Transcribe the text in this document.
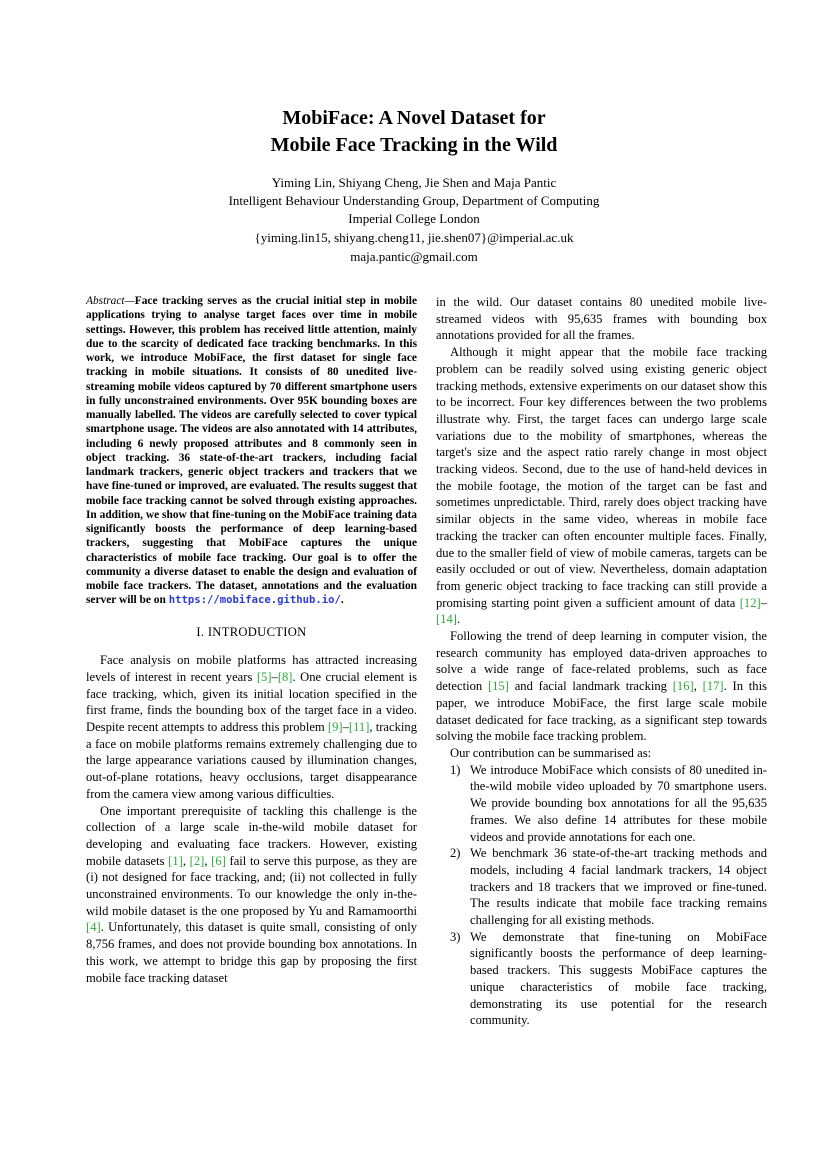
MobiFace: A Novel Dataset for
Mobile Face Tracking in the Wild
Yiming Lin, Shiyang Cheng, Jie Shen and Maja Pantic
Intelligent Behaviour Understanding Group, Department of Computing
Imperial College London
{yiming.lin15, shiyang.cheng11, jie.shen07}@imperial.ac.uk
maja.pantic@gmail.com
Abstract—Face tracking serves as the crucial initial step in mobile applications trying to analyse target faces over time in mobile settings. However, this problem has received little attention, mainly due to the scarcity of dedicated face tracking benchmarks. In this work, we introduce MobiFace, the first dataset for single face tracking in mobile situations. It consists of 80 unedited live-streaming mobile videos captured by 70 different smartphone users in fully unconstrained environments. Over 95K bounding boxes are manually labelled. The videos are carefully selected to cover typical smartphone usage. The videos are also annotated with 14 attributes, including 6 newly proposed attributes and 8 commonly seen in object tracking. 36 state-of-the-art trackers, including facial landmark trackers, generic object trackers and trackers that we have fine-tuned or improved, are evaluated. The results suggest that mobile face tracking cannot be solved through existing approaches. In addition, we show that fine-tuning on the MobiFace training data significantly boosts the performance of deep learning-based trackers, suggesting that MobiFace captures the unique characteristics of mobile face tracking. Our goal is to offer the community a diverse dataset to enable the design and evaluation of mobile face trackers. The dataset, annotations and the evaluation server will be on https://mobiface.github.io/.
I. INTRODUCTION

Face analysis on mobile platforms has attracted increasing levels of interest in recent years [5]–[8]. One crucial element is face tracking, which, given its initial location specified in the first frame, finds the bounding box of the target face in a video. Despite recent attempts to address this problem [9]–[11], tracking a face on mobile platforms remains extremely challenging due to the large appearance variations caused by illumination changes, out-of-plane rotations, heavy occlusions, target disappearance from the camera view among various difficulties.

One important prerequisite of tackling this challenge is the collection of a large scale in-the-wild mobile dataset for developing and evaluating face trackers. However, existing mobile datasets [1], [2], [6] fail to serve this purpose, as they are (i) not designed for face tracking, and; (ii) not collected in fully unconstrained environments. To our knowledge the only in-the-wild mobile dataset is the one proposed by Yu and Ramamoorthi [4]. Unfortunately, this dataset is quite small, consisting of only 8,756 frames, and does not provide bounding box annotations. In this work, we attempt to bridge this gap by proposing the first mobile face tracking dataset

in the wild. Our dataset contains 80 unedited mobile live-streamed videos with 95,635 frames with bounding box annotations provided for all the frames.

Although it might appear that the mobile face tracking problem can be readily solved using existing generic object tracking methods, extensive experiments on our dataset show this to be incorrect. Four key differences between the two problems illustrate why. First, the target faces can undergo large scale variations due to the mobility of smartphones, whereas the target's size and the aspect ratio rarely change in most object tracking videos. Second, due to the use of hand-held devices in the mobile footage, the motion of the target can be fast and sometimes unpredictable. Third, rarely does object tracking have similar objects in the same video, whereas in mobile face tracking the tracker can often encounter multiple faces. Finally, due to the smaller field of view of mobile cameras, targets can be easily occluded or out of view. Nevertheless, domain adaptation from generic object tracking to face tracking can still provide a promising starting point given a sufficient amount of data [12]–[14].

Following the trend of deep learning in computer vision, the research community has employed data-driven approaches to solve a wide range of face-related problems, such as face detection [15] and facial landmark tracking [16], [17]. In this paper, we introduce MobiFace, the first large scale mobile dataset dedicated for face tracking, as a significant step towards solving the mobile face tracking problem.

Our contribution can be summarised as:

1) We introduce MobiFace which consists of 80 unedited in-the-wild mobile video uploaded by 70 smartphone users. We provide bounding box annotations for all the 95,635 frames. We also define 14 attributes for these mobile videos and provide annotations for each one.
2) We benchmark 36 state-of-the-art tracking methods and models, including 4 facial landmark trackers, 14 object trackers and 18 trackers that we improved or fine-tuned. The results indicate that mobile face tracking remains challenging for all existing methods.
3) We demonstrate that fine-tuning on MobiFace significantly boosts the performance of deep learning-based trackers. This suggests MobiFace captures the unique characteristics of mobile face tracking, demonstrating its use potential for the research community.
